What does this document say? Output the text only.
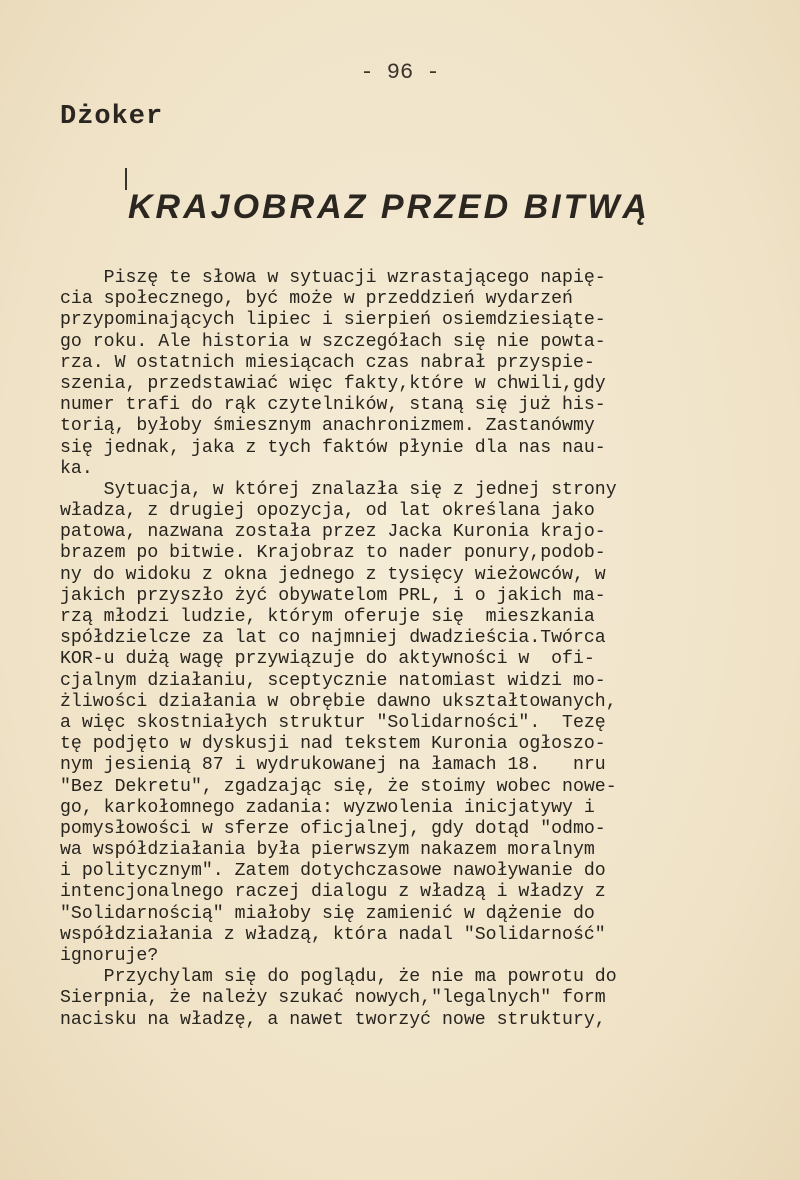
- 96 -
Dżoker
KRAJOBRAZ PRZED BITWĄ
Piszę te słowa w sytuacji wzrastającego napię-
cia społecznego, być może w przeddzień wydarzeń
przypominających lipiec i sierpień osiemdziesiąte-
go roku. Ale historia w szczegółach się nie powta-
rza. W ostatnich miesiącach czas nabrał przyspie-
szenia, przedstawiać więc fakty,które w chwili,gdy
numer trafi do rąk czytelników, staną się już his-
torią, byłoby śmiesznym anachronizmem. Zastanówmy
się jednak, jaka z tych faktów płynie dla nas nau-
ka.
Sytuacja, w której znalazła się z jednej strony
władza, z drugiej opozycja, od lat określana jako
patowa, nazwana została przez Jacka Kuronia krajo-
brazem po bitwie. Krajobraz to nader ponury,podob-
ny do widoku z okna jednego z tysięcy wieżowców, w
jakich przyszło żyć obywatelom PRL, i o jakich ma-
rzą młodzi ludzie, którym oferuje się  mieszkania
spółdzielcze za lat co najmniej dwadzieścia.Twórca
KOR-u dużą wagę przywiązuje do aktywności w  ofi-
cjalnym działaniu, sceptycznie natomiast widzi mo-
żliwości działania w obrębie dawno ukształtowanych,
a więc skostniałych struktur "Solidarności".  Tezę
tę podjęto w dyskusji nad tekstem Kuronia ogłoszo-
nym jesienią 87 i wydrukowanej na łamach 18.   nru
"Bez Dekretu", zgadzając się, że stoimy wobec nowe-
go, karkołomnego zadania: wyzwolenia inicjatywy i
pomysłowości w sferze oficjalnej, gdy dotąd "odmo-
wa współdziałania była pierwszym nakazem moralnym
i politycznym". Zatem dotychczasowe nawoływanie do
intencjonalnego raczej dialogu z władzą i władzy z
"Solidarnością" miałoby się zamienić w dążenie do
współdziałania z władzą, która nadal "Solidarność"
ignoruje?
Przychylam się do poglądu, że nie ma powrotu do
Sierpnia, że należy szukać nowych,"legalnych" form
nacisku na władzę, a nawet tworzyć nowe struktury,
